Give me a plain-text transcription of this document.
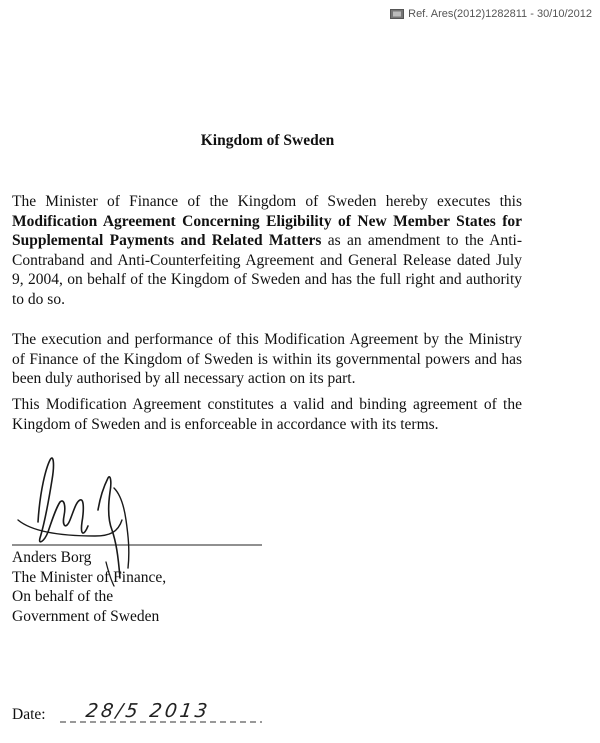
Ref. Ares(2012)1282811 - 30/10/2012
Kingdom of Sweden

The Minister of Finance of the Kingdom of Sweden hereby executes this Modification Agreement Concerning Eligibility of New Member States for Supplemental Payments and Related Matters as an amendment to the Anti-Contraband and Anti-Counterfeiting Agreement and General Release dated July 9, 2004, on behalf of the Kingdom of Sweden and has the full right and authority to do so.

The execution and performance of this Modification Agreement by the Ministry of Finance of the Kingdom of Sweden is within its governmental powers and has been duly authorised by all necessary action on its part.

This Modification Agreement constitutes a valid and binding agreement of the Kingdom of Sweden and is enforceable in accordance with its terms.

Anders Borg
The Minister of Finance,
On behalf of the
Government of Sweden
Date: 28/5 2013
